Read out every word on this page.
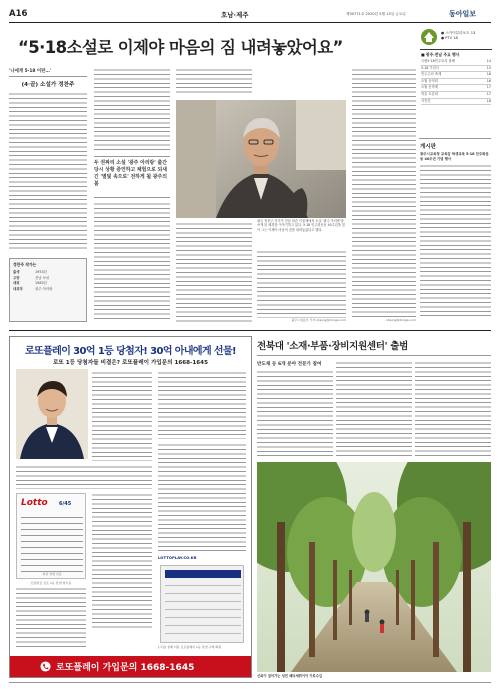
A16	호남·제주	제30771호 2020년 5월 15일 금요일	동아일보
“5·18소설로 이제야 마음의 짐 내려놓았어요”
● 스카이뷰리포트 13
● PTV 18
■ 광주·전남 주요 행사
국립5·18민주묘지 참배	14
5·18 기념식	15
민주주의 축제	16
오월 음악회	16
오월 문학제	17
학술 토론회	17
사진전	18
'나에게 5·18 이란…'
(4·끝) 소설가 정찬주
정찬주 작가는
출생	1953년
고향	전남 보성
데뷔	1983년
대표작	광주 아리랑
두 권짜리 소설 '광주 아리랑' 출간 당시 상황 증언하고 체험으로 되새긴 '별빛 속으로' 전하게 될 광주의 봄
광주 정찬주 작가가 전남 화순 이불재에서 소설 '광주 아리랑'을 쓰게 된 배경을 이야기하고 있다. 5·18 민주화운동 40주년을 맞아 그는 이제야 마음의 짐을 내려놓았다고 했다.
광주=정승호 기자 shjung@donga.com	shjung@donga.com
게시판
광주시교육청 교육감 학생교육 5·18 민주화운동 40주년 기념 행사
전북대 '소재·부품·장비지원센터' 출범
반도체 등 6개 분야 전문가 참여
신록이 짙어가는 성민 메타세쿼이아 가로수길
로또플레이 30억 1등 당첨자! 30억 아내에게 선물!
로또 1등 당첨자들 비결은? 로또플레이 가입문의 1668-1645
Lotto 6/45
복권 당첨 인증
인증받은 로또 1등 당첨 영수증
LOTTOPLAY.CO.KR
[그림] 실제 이용 로또플레이 1등 당첨 구매 회원
로또플레이 가입문의 1668-1645
